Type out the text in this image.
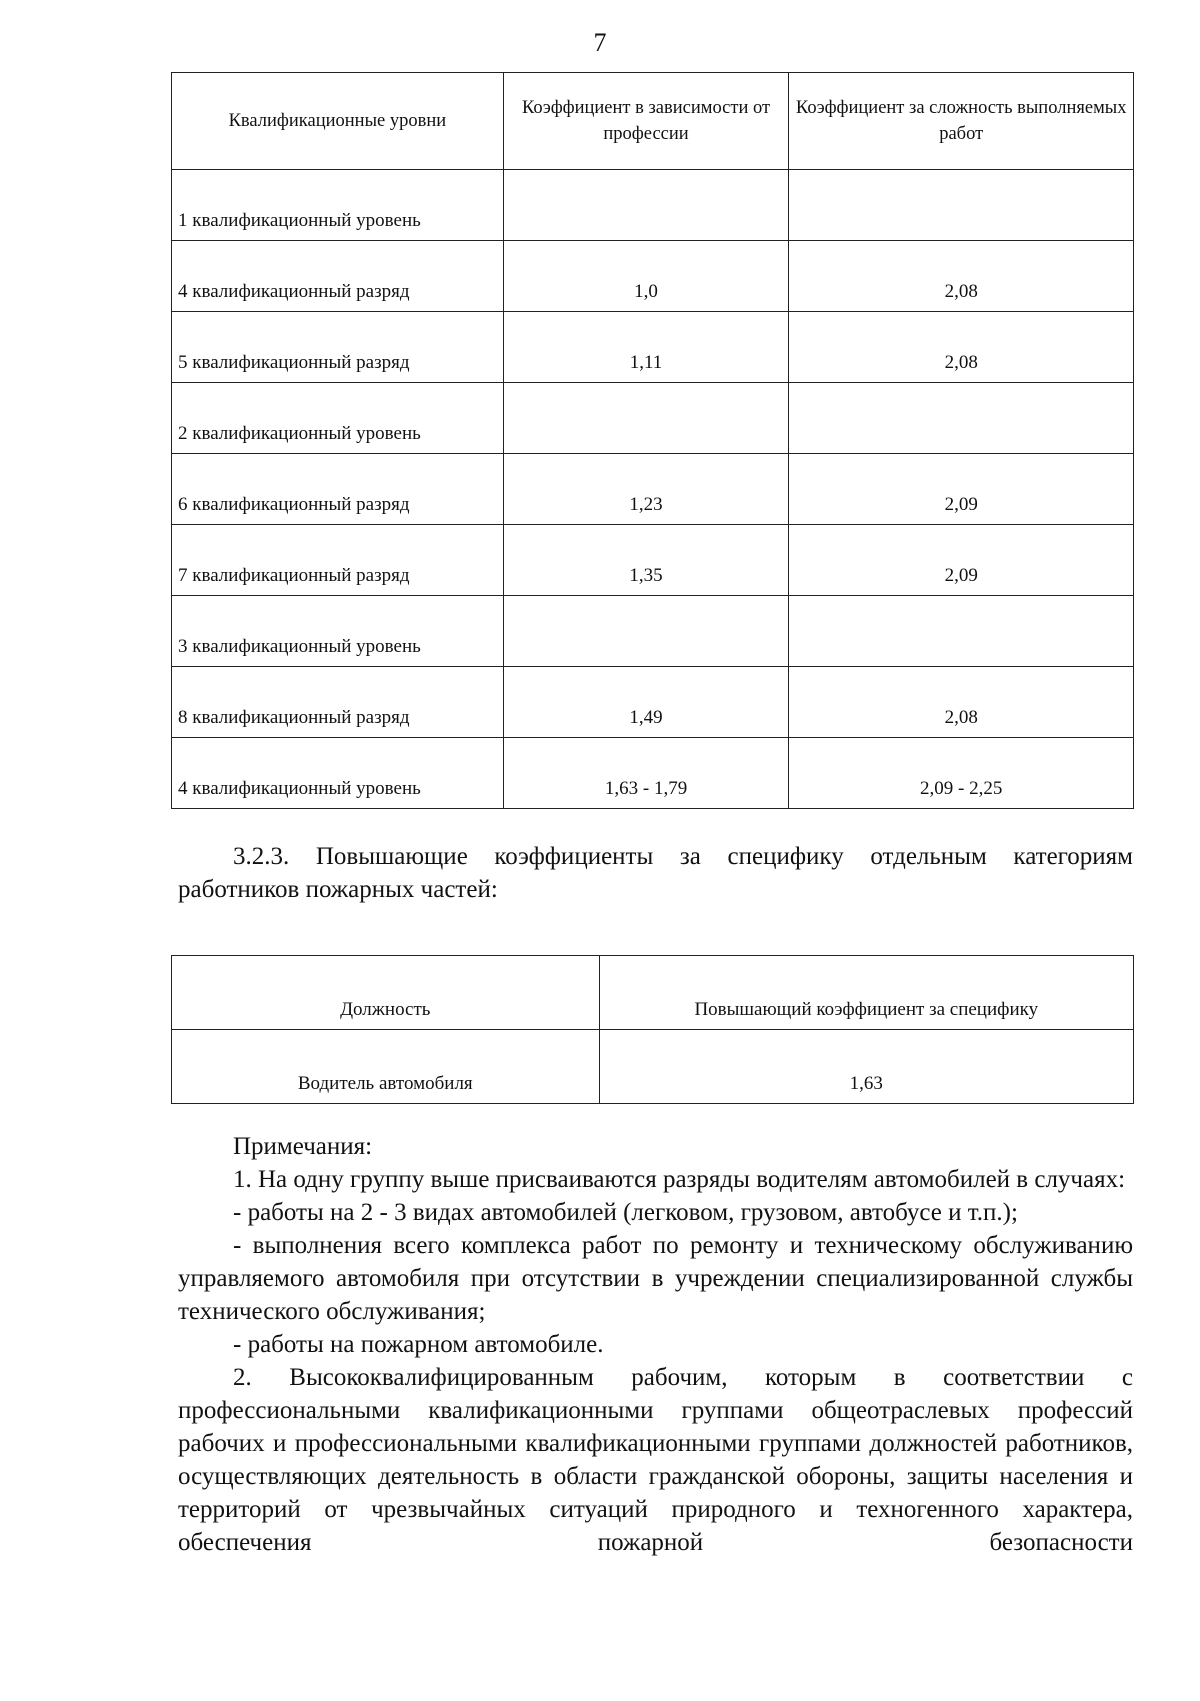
7
Квалификационные уровни	Коэффициент в зависимости от профессии	Коэффициент за сложность выполняемых работ
1 квалификационный уровень		
4 квалификационный разряд	1,0	2,08
5 квалификационный разряд	1,11	2,08
2 квалификационный уровень		
6 квалификационный разряд	1,23	2,09
7 квалификационный разряд	1,35	2,09
3 квалификационный уровень		
8 квалификационный разряд	1,49	2,08
4 квалификационный уровень	1,63 - 1,79	2,09 - 2,25

3.2.3. Повышающие коэффициенты за специфику отдельным категориям работников пожарных частей:

Должность	Повышающий коэффициент за специфику
Водитель автомобиля	1,63

Примечания:

1. На одну группу выше присваиваются разряды водителям автомобилей в случаях:

- работы на 2 - 3 видах автомобилей (легковом, грузовом, автобусе и т.п.);

- выполнения всего комплекса работ по ремонту и техническому обслуживанию управляемого автомобиля при отсутствии в учреждении специализированной службы технического обслуживания;

- работы на пожарном автомобиле.

2. Высококвалифицированным рабочим, которым в соответствии с профессиональными квалификационными группами общеотраслевых профессий рабочих и профессиональными квалификационными группами должностей работников, осуществляющих деятельность в области гражданской обороны, защиты населения и территорий от чрезвычайных ситуаций природного и техногенного характера, обеспечения пожарной безопасности
